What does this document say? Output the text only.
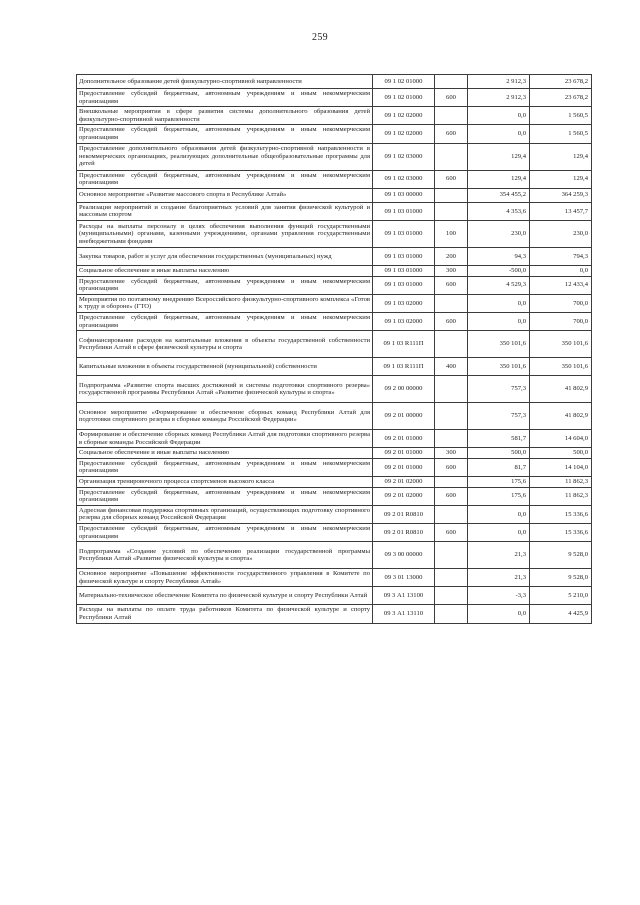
259
Дополнительное образование детей физкультурно-спортивной направленности	09 1 02 01000		2 912,3	23 678,2
Предоставление субсидий бюджетным, автономным учреждениям и иным некоммерческим организациям	09 1 02 01000	600	2 912,3	23 678,2
Внешкольные мероприятия в сфере развития системы дополнительного образования детей физкультурно-спортивной направленности	09 1 02 02000		0,0	1 560,5
Предоставление субсидий бюджетным, автономным учреждениям и иным некоммерческим организациям	09 1 02 02000	600	0,0	1 560,5
Предоставление дополнительного образования детей физкультурно-спортивной направленности в некоммерческих организациях, реализующих дополнительные общеобразовательные программы для детей	09 1 02 03000		129,4	129,4
Предоставление субсидий бюджетным, автономным учреждениям и иным некоммерческим организациям	09 1 02 03000	600	129,4	129,4
Основное мероприятие «Развитие массового спорта в Республике Алтай»	09 1 03 00000		354 455,2	364 259,3
Реализация мероприятий и создание благоприятных условий для занятия физической культурой и массовым спортом	09 1 03 01000		4 353,6	13 457,7
Расходы на выплаты персоналу в целях обеспечения выполнения функций государственными (муниципальными) органами, казенными учреждениями, органами управления государственными внебюджетными фондами	09 1 03 01000	100	230,0	230,0
Закупка товаров, работ и услуг для обеспечения государственных (муниципальных) нужд	09 1 03 01000	200	94,3	794,3
Социальное обеспечение и иные выплаты населению	09 1 03 01000	300	-500,0	0,0
Предоставление субсидий бюджетным, автономным учреждениям и иным некоммерческим организациям	09 1 03 01000	600	4 529,3	12 433,4
Мероприятия по поэтапному внедрению Всероссийского физкультурно-спортивного комплекса «Готов к труду и обороне» (ГТО)	09 1 03 02000		0,0	700,0
Предоставление субсидий бюджетным, автономным учреждениям и иным некоммерческим организациям	09 1 03 02000	600	0,0	700,0
Софинансирование расходов на капитальные вложения в объекты государственной собственности Республики Алтай в сфере физической культуры и спорта	09 1 03 R111П		350 101,6	350 101,6
Капитальные вложения в объекты государственной (муниципальной) собственности	09 1 03 R111П	400	350 101,6	350 101,6
Подпрограмма «Развитие спорта высших достижений и системы подготовки спортивного резерва» государственной программы Республики Алтай «Развитие физической культуры и спорта»	09 2 00 00000		757,3	41 802,9
Основное мероприятие «Формирование и обеспечение сборных команд Республики Алтай для подготовки спортивного резерва в сборные команды Российской Федерации»	09 2 01 00000		757,3	41 802,9
Формирование и обеспечение сборных команд Республики Алтай для подготовки спортивного резерва в сборные команды Российской Федерации	09 2 01 01000		581,7	14 604,0
Социальное обеспечение и иные выплаты населению	09 2 01 01000	300	500,0	500,0
Предоставление субсидий бюджетным, автономным учреждениям и иным некоммерческим организациям	09 2 01 01000	600	81,7	14 104,0
Организация тренировочного процесса спортсменов высокого класса	09 2 01 02000		175,6	11 862,3
Предоставление субсидий бюджетным, автономным учреждениям и иным некоммерческим организациям	09 2 01 02000	600	175,6	11 862,3
Адресная финансовая поддержка спортивных организаций, осуществляющих подготовку спортивного резерва для сборных команд Российской Федерации	09 2 01 R0810		0,0	15 336,6
Предоставление субсидий бюджетным, автономным учреждениям и иным некоммерческим организациям	09 2 01 R0810	600	0,0	15 336,6
Подпрограмма «Создание условий по обеспечению реализации государственной программы Республики Алтай «Развитие физической культуры и спорта»	09 3 00 00000		21,3	9 528,0
Основное мероприятие «Повышение эффективности государственного управления в Комитете по физической культуре и спорту Республики Алтай»	09 3 01 13000		21,3	9 528,0
Материально-техническое обеспечение Комитета по физической культуре и спорту Республики Алтай	09 3 А1 13100		-3,3	5 210,0
Расходы на выплаты по оплате труда работников Комитета по физической культуре и спорту Республики Алтай	09 3 А1 13110		0,0	4 425,9
